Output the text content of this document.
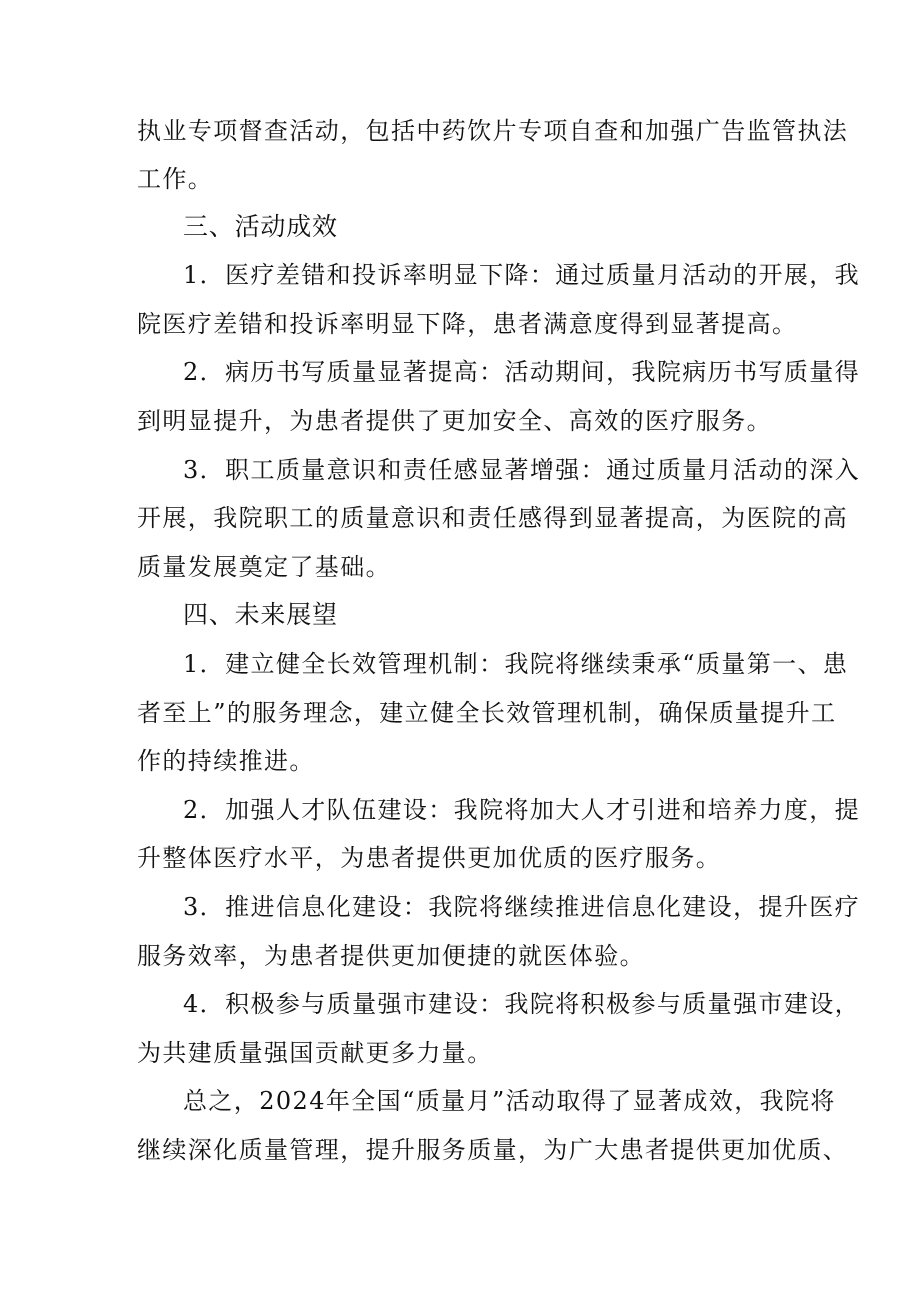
执业专项督查活动，包括中药饮片专项自查和加强广告监管执法
工作。
三、活动成效
1．医疗差错和投诉率明显下降：通过质量月活动的开展，我
院医疗差错和投诉率明显下降，患者满意度得到显著提高。
2．病历书写质量显著提高：活动期间，我院病历书写质量得
到明显提升，为患者提供了更加安全、高效的医疗服务。
3．职工质量意识和责任感显著增强：通过质量月活动的深入
开展，我院职工的质量意识和责任感得到显著提高，为医院的高
质量发展奠定了基础。
四、未来展望
1．建立健全长效管理机制：我院将继续秉承“质量第一、患
者至上”的服务理念，建立健全长效管理机制，确保质量提升工
作的持续推进。
2．加强人才队伍建设：我院将加大人才引进和培养力度，提
升整体医疗水平，为患者提供更加优质的医疗服务。
3．推进信息化建设：我院将继续推进信息化建设，提升医疗
服务效率，为患者提供更加便捷的就医体验。
4．积极参与质量强市建设：我院将积极参与质量强市建设，
为共建质量强国贡献更多力量。
总之，2024年全国“质量月”活动取得了显著成效，我院将
继续深化质量管理，提升服务质量，为广大患者提供更加优质、
